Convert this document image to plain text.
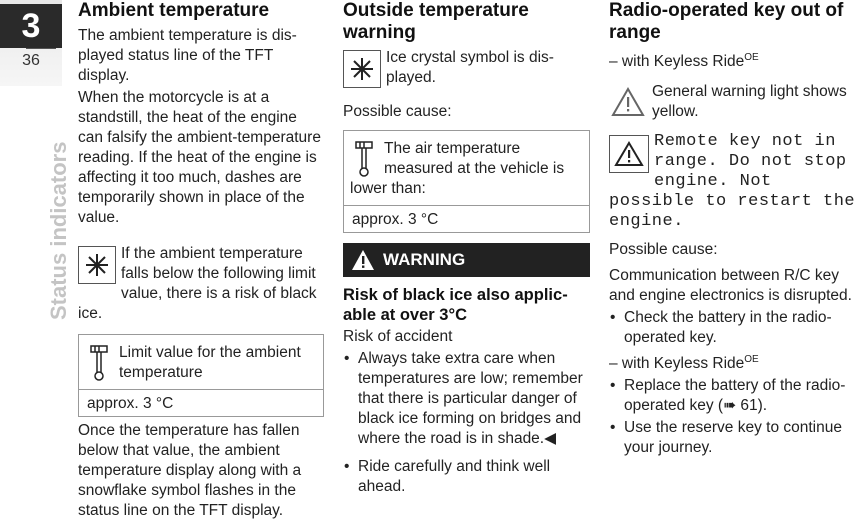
3
36
Status indicators
Ambient temperature

The ambient temperature is displayed status line of the TFT display.

When the motorcycle is at a standstill, the heat of the engine can falsify the ambient-temperature reading. If the heat of the engine is affecting it too much, dashes are temporarily shown in place of the value.

If the ambient temperature falls below the following limit value, there is a risk of black ice.

Limit value for the ambient temperature
approx. 3 °C

Once the temperature has fallen below that value, the ambient temperature display along with a snowflake symbol flashes in the status line on the TFT display.

Outside temperature warning

Ice crystal symbol is displayed.

Possible cause:

The air temperature measured at the vehicle is lower than:
approx. 3 °C
WARNING

Risk of black ice also applicable at over 3°C

Risk of accident

• Always take extra care when temperatures are low; remember that there is particular danger of black ice forming on bridges and where the road is in shade.◀
• Ride carefully and think well ahead.
Radio-operated key out of range

– with Keyless Ride$^{OE}$

General warning light shows yellow.

Remote key not in range. Do not stop engine. Not possible to restart the engine.

Possible cause:

Communication between R/C key and engine electronics is disrupted.

• Check the battery in the radio-operated key.

– with Keyless Ride$^{OE}$

• Replace the battery of the radio-operated key (➠ 61).
• Use the reserve key to continue your journey.
